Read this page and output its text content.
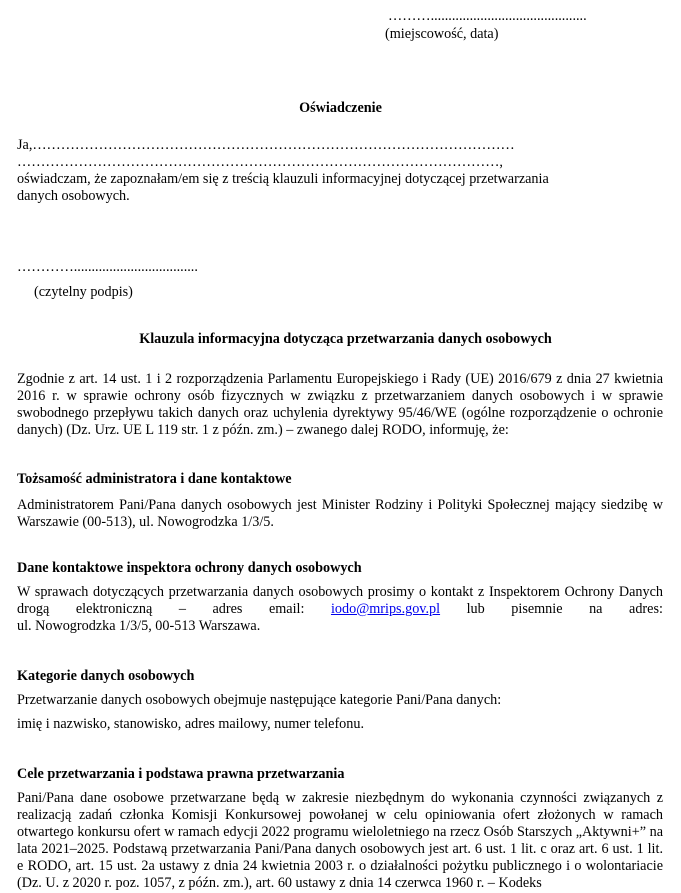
………............................................
(miejscowość, data)
Oświadczenie
Ja,…………………………………………………………………………………………
…………………………………………………………………………………………,
oświadczam, że zapoznałam/em się z treścią klauzuli informacyjnej dotyczącej przetwarzania
danych osobowych.
…………...................................
(czytelny podpis)
Klauzula informacyjna dotycząca przetwarzania danych osobowych
Zgodnie z art. 14 ust. 1 i 2 rozporządzenia Parlamentu Europejskiego i Rady (UE) 2016/679 z dnia 27 kwietnia 2016 r. w sprawie ochrony osób fizycznych w związku z przetwarzaniem danych osobowych i w sprawie swobodnego przepływu takich danych oraz uchylenia dyrektywy 95/46/WE (ogólne rozporządzenie o ochronie danych) (Dz. Urz. UE L 119 str. 1 z późn. zm.) – zwanego dalej RODO, informuję, że:
Tożsamość administratora i dane kontaktowe
Administratorem Pani/Pana danych osobowych jest Minister Rodziny i Polityki Społecznej mający siedzibę w Warszawie (00-513), ul. Nowogrodzka 1/3/5.
Dane kontaktowe inspektora ochrony danych osobowych
W sprawach dotyczących przetwarzania danych osobowych prosimy o kontakt z Inspektorem Ochrony Danych
drogą elektroniczną – adres email: iodo@mrips.gov.pl lub pisemnie na adres:
ul. Nowogrodzka 1/3/5, 00-513 Warszawa.
Kategorie danych osobowych
Przetwarzanie danych osobowych obejmuje następujące kategorie Pani/Pana danych:
imię i nazwisko, stanowisko, adres mailowy, numer telefonu.
Cele przetwarzania i podstawa prawna przetwarzania
Pani/Pana dane osobowe przetwarzane będą w zakresie niezbędnym do wykonania czynności związanych z realizacją zadań członka Komisji Konkursowej powołanej w celu opiniowania ofert złożonych w ramach otwartego konkursu ofert w ramach edycji 2022 programu wieloletniego na rzecz Osób Starszych „Aktywni+” na lata 2021–2025. Podstawą przetwarzania Pani/Pana danych osobowych jest art. 6 ust. 1 lit. c oraz art. 6 ust. 1 lit. e RODO, art. 15 ust. 2a ustawy z dnia 24 kwietnia 2003 r. o działalności pożytku publicznego i o wolontariacie (Dz. U. z 2020 r. poz. 1057, z późn. zm.), art. 60 ustawy z dnia 14 czerwca 1960 r. – Kodeks
